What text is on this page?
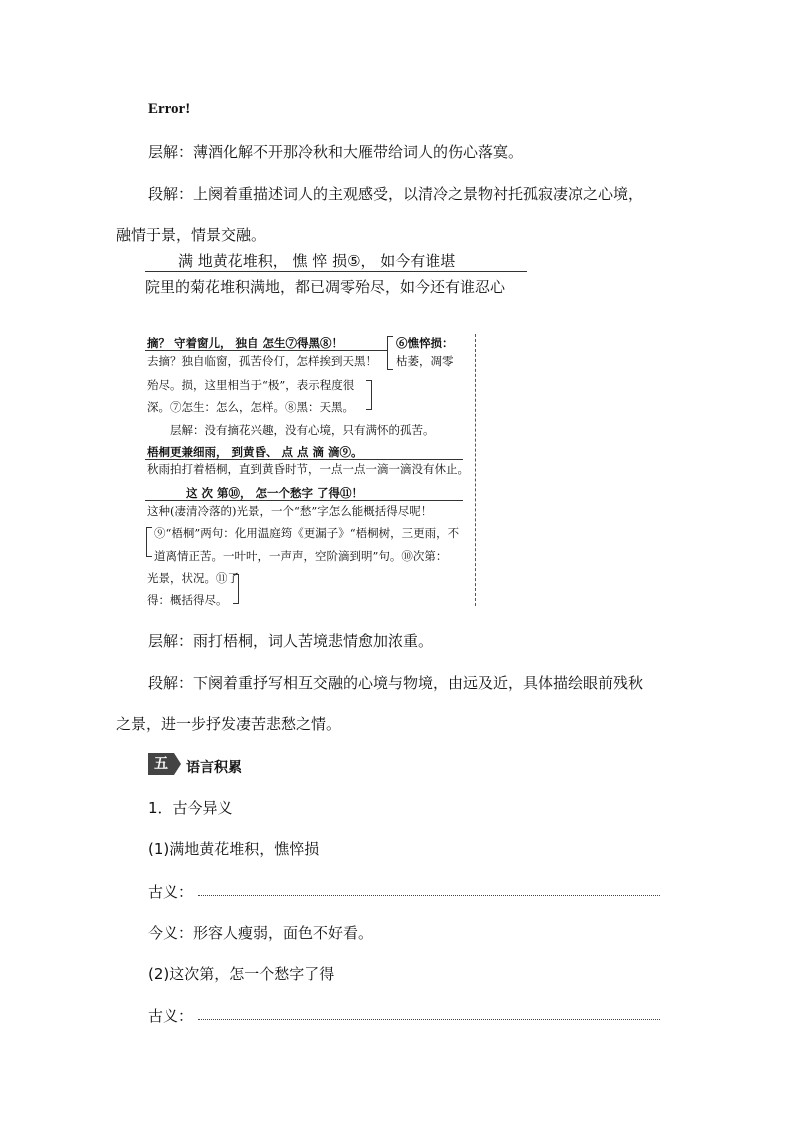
Error!
层解：薄酒化解不开那冷秋和大雁带给词人的伤心落寞。
段解：上阕着重描述词人的主观感受，以清冷之景物衬托孤寂凄凉之心境，
融情于景，情景交融。
满 地黄花堆积， 憔 悴 损⑤， 如今有谁堪
院里的菊花堆积满地，都已凋零殆尽，如今还有谁忍心
摘？ 守着窗儿， 独自 怎生⑦得黑⑧！	⑥憔悴损：
去摘？独自临窗，孤苦伶仃，怎样挨到天黑！ 枯萎，凋零
殆尽。损，这里相当于“极”，表示程度很
深。⑦怎生：怎么，怎样。⑧黑：天黑。
层解：没有摘花兴趣，没有心境，只有满怀的孤苦。
梧桐更兼细雨， 到黄昏、 点 点 滴 滴⑨。
秋雨拍打着梧桐，直到黄昏时节，一点一点一滴一滴没有休止。
这 次 第⑩， 怎一个愁字 了得⑪！
这种(凄清冷落的)光景，一个“愁”字怎么能概括得尽呢！
⑨“梧桐”两句：化用温庭筠《更漏子》“梧桐树，三更雨，不
道离情正苦。一叶叶，一声声，空阶滴到明”句。⑩次第：
光景，状况。⑪了
得：概括得尽。
层解：雨打梧桐，词人苦境悲情愈加浓重。
段解：下阕着重抒写相互交融的心境与物境，由远及近，具体描绘眼前残秋
之景，进一步抒发凄苦悲愁之情。
五	语言积累
1．古今异义
(1)满地黄花堆积，憔悴损
古义：
今义：形容人瘦弱，面色不好看。
(2)这次第，怎一个愁字了得
古义：
